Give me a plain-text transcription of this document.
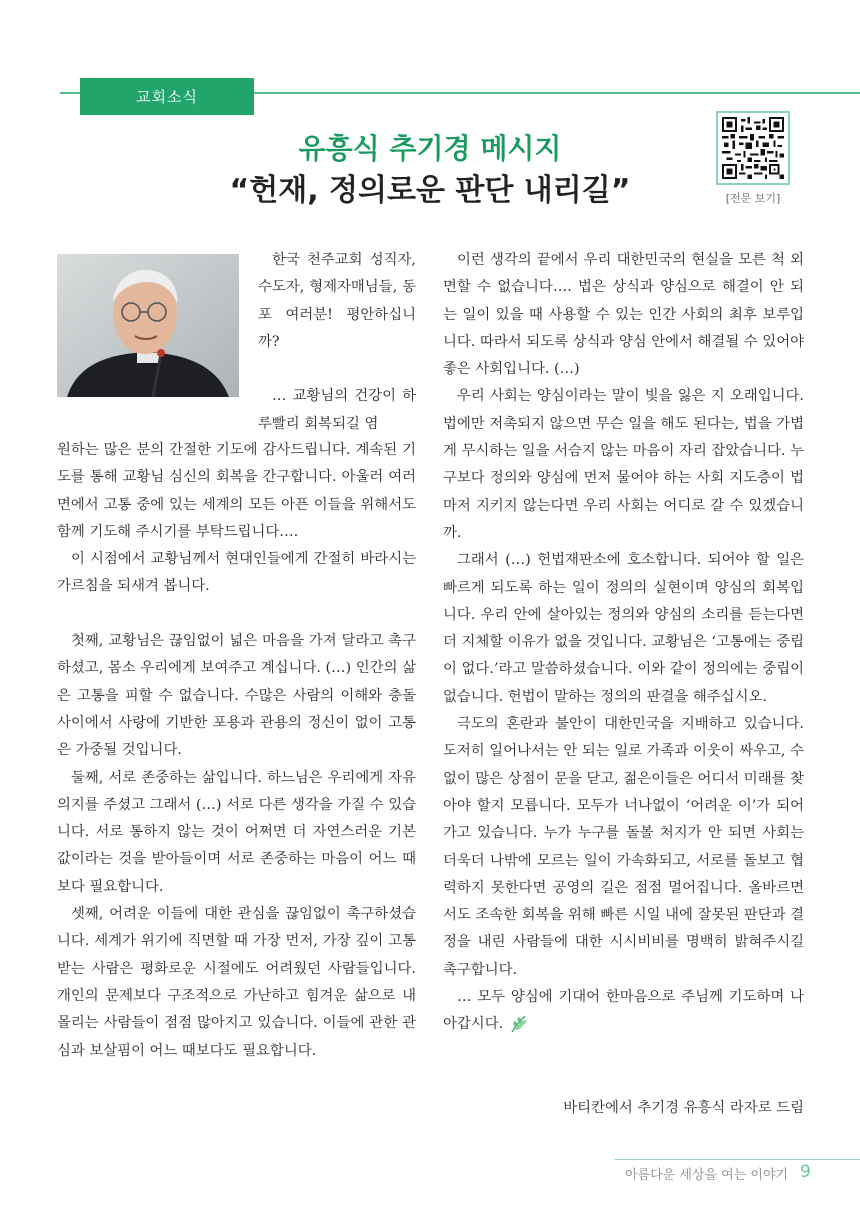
교회소식
유흥식 추기경 메시지
“헌재, 정의로운 판단 내리길”	[전문 보기]

한국 천주교회 성직자, 수도자, 형제자매님들, 동포 여러분! 평안하십니까?

… 교황님의 건강이 하루빨리 회복되길 염

원하는 많은 분의 간절한 기도에 감사드립니다. 계속된 기도를 통해 교황님 심신의 회복을 간구합니다. 아울러 여러 면에서 고통 중에 있는 세계의 모든 아픈 이들을 위해서도 함께 기도해 주시기를 부탁드립니다….

이 시점에서 교황님께서 현대인들에게 간절히 바라시는 가르침을 되새겨 봅니다.

첫째, 교황님은 끊임없이 넓은 마음을 가져 달라고 촉구하셨고, 몸소 우리에게 보여주고 계십니다. (…) 인간의 삶은 고통을 피할 수 없습니다. 수많은 사람의 이해와 충돌 사이에서 사랑에 기반한 포용과 관용의 정신이 없이 고통은 가중될 것입니다.

둘째, 서로 존중하는 삶입니다. 하느님은 우리에게 자유 의지를 주셨고 그래서 (…) 서로 다른 생각을 가질 수 있습니다. 서로 통하지 않는 것이 어쩌면 더 자연스러운 기본값이라는 것을 받아들이며 서로 존중하는 마음이 어느 때보다 필요합니다.

셋째, 어려운 이들에 대한 관심을 끊임없이 촉구하셨습니다. 세계가 위기에 직면할 때 가장 먼저, 가장 깊이 고통받는 사람은 평화로운 시절에도 어려웠던 사람들입니다. 개인의 문제보다 구조적으로 가난하고 힘겨운 삶으로 내몰리는 사람들이 점점 많아지고 있습니다. 이들에 관한 관심과 보살핌이 어느 때보다도 필요합니다.

이런 생각의 끝에서 우리 대한민국의 현실을 모른 척 외면할 수 없습니다…. 법은 상식과 양심으로 해결이 안 되는 일이 있을 때 사용할 수 있는 인간 사회의 최후 보루입니다. 따라서 되도록 상식과 양심 안에서 해결될 수 있어야 좋은 사회입니다. (…)

우리 사회는 양심이라는 말이 빛을 잃은 지 오래입니다. 법에만 저촉되지 않으면 무슨 일을 해도 된다는, 법을 가볍게 무시하는 일을 서슴지 않는 마음이 자리 잡았습니다. 누구보다 정의와 양심에 먼저 물어야 하는 사회 지도층이 법마저 지키지 않는다면 우리 사회는 어디로 갈 수 있겠습니까.

그래서 (…) 헌법재판소에 호소합니다. 되어야 할 일은 빠르게 되도록 하는 일이 정의의 실현이며 양심의 회복입니다. 우리 안에 살아있는 정의와 양심의 소리를 듣는다면 더 지체할 이유가 없을 것입니다. 교황님은 ‘고통에는 중립이 없다.’라고 말씀하셨습니다. 이와 같이 정의에는 중립이 없습니다. 헌법이 말하는 정의의 판결을 해주십시오.

극도의 혼란과 불안이 대한민국을 지배하고 있습니다. 도저히 일어나서는 안 되는 일로 가족과 이웃이 싸우고, 수없이 많은 상점이 문을 닫고, 젊은이들은 어디서 미래를 찾아야 할지 모릅니다. 모두가 너나없이 ‘어려운 이’가 되어가고 있습니다. 누가 누구를 돌볼 처지가 안 되면 사회는 더욱더 나밖에 모르는 일이 가속화되고, 서로를 돌보고 협력하지 못한다면 공영의 길은 점점 멀어집니다. 올바르면서도 조속한 회복을 위해 빠른 시일 내에 잘못된 판단과 결정을 내린 사람들에 대한 시시비비를 명백히 밝혀주시길 촉구합니다.

… 모두 양심에 기대어 한마음으로 주님께 기도하며 나아갑시다.

바티칸에서 추기경 유흥식 라자로 드림
아름다운 세상을 여는 이야기 9
